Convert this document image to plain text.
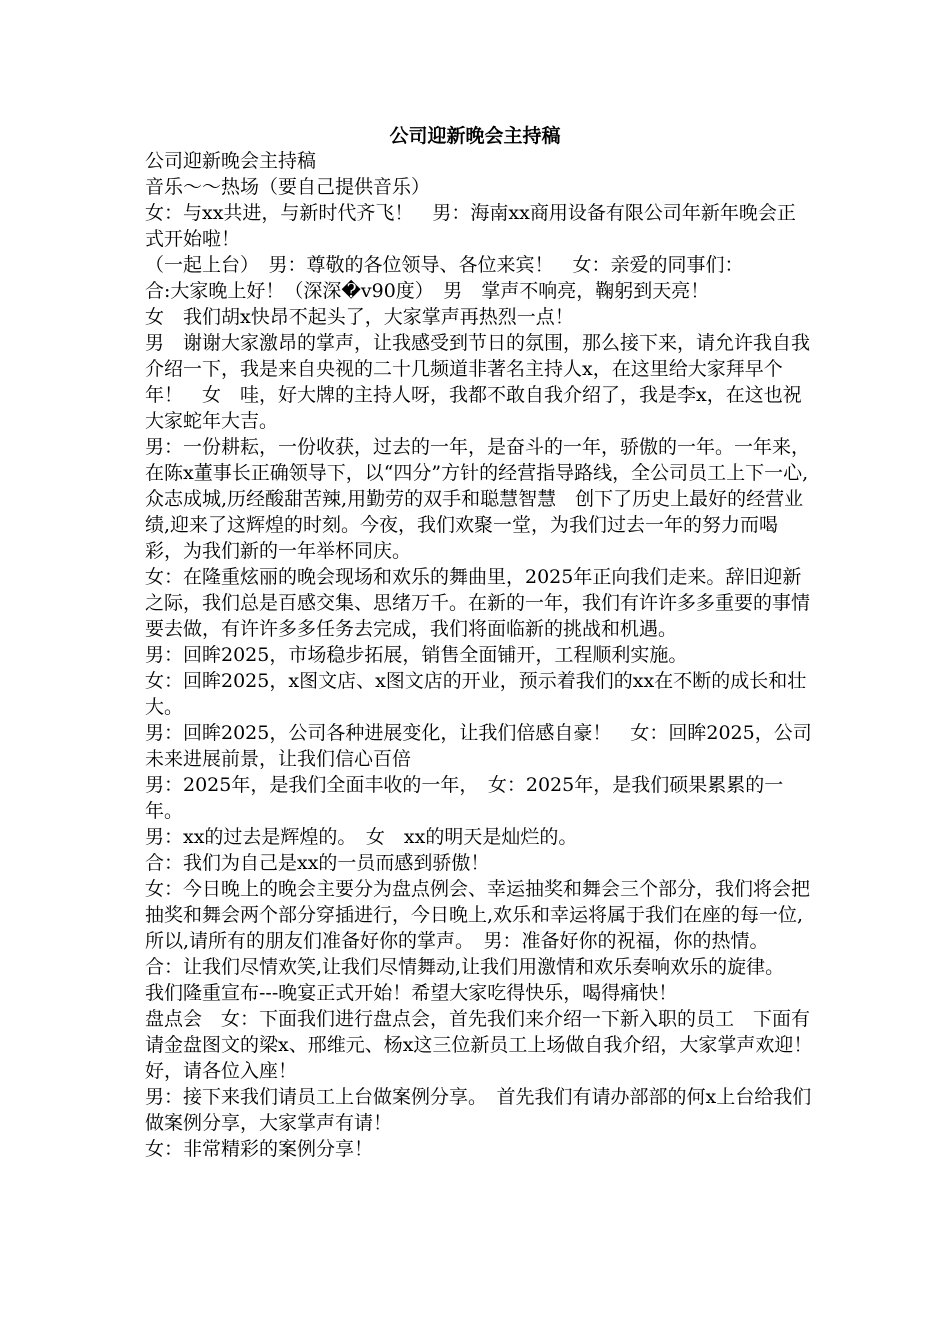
公司迎新晚会主持稿

公司迎新晚会主持稿

音乐～～热场（要自己提供音乐）

女：与xx共进，与新时代齐飞！　男：海南xx商用设备有限公司年新年晚会正式开始啦！

（一起上台）　男：尊敬的各位领导、各位来宾！　女：亲爱的同事们：

合:大家晚上好！（深深�v90度）　男　掌声不响亮，鞠躬到天亮！

女　我们胡x快昂不起头了，大家掌声再热烈一点！

男　谢谢大家激昂的掌声，让我感受到节日的氛围，那么接下来，请允许我自我介绍一下，我是来自央视的二十几频道非著名主持人x，在这里给大家拜早个年！　女　哇，好大牌的主持人呀，我都不敢自我介绍了，我是李x，在这也祝大家蛇年大吉。

男：一份耕耘，一份收获，过去的一年，是奋斗的一年，骄傲的一年。一年来，在陈x董事长正确领导下，以“四分”方针的经营指导路线，全公司员工上下一心,众志成城,历经酸甜苦辣,用勤劳的双手和聪慧智慧　创下了历史上最好的经营业绩,迎来了这辉煌的时刻。今夜，我们欢聚一堂，为我们过去一年的努力而喝彩，为我们新的一年举杯同庆。

女：在隆重炫丽的晚会现场和欢乐的舞曲里，2025年正向我们走来。辞旧迎新之际，我们总是百感交集、思绪万千。在新的一年，我们有许许多多重要的事情要去做，有许许多多任务去完成，我们将面临新的挑战和机遇。

男：回眸2025，市场稳步拓展，销售全面铺开，工程顺利实施。

女：回眸2025，x图文店、x图文店的开业，预示着我们的xx在不断的成长和壮大。

男：回眸2025，公司各种进展变化，让我们倍感自豪！　女：回眸2025，公司未来进展前景，让我们信心百倍

男：2025年，是我们全面丰收的一年，　女：2025年，是我们硕果累累的一年。

男：xx的过去是辉煌的。　女　xx的明天是灿烂的。

合：我们为自己是xx的一员而感到骄傲！

女：今日晚上的晚会主要分为盘点例会、幸运抽奖和舞会三个部分，我们将会把抽奖和舞会两个部分穿插进行，今日晚上,欢乐和幸运将属于我们在座的每一位,所以,请所有的朋友们准备好你的掌声。　男：准备好你的祝福，你的热情。　合：让我们尽情欢笑,让我们尽情舞动,让我们用激情和欢乐奏响欢乐的旋律。

我们隆重宣布---晚宴正式开始！希望大家吃得快乐，喝得痛快！

盘点会　女：下面我们进行盘点会，首先我们来介绍一下新入职的员工　下面有请金盘图文的梁x、邢维元、杨x这三位新员工上场做自我介绍，大家掌声欢迎！　好，请各位入座！

男：接下来我们请员工上台做案例分享。　首先我们有请办部部的何x上台给我们做案例分享，大家掌声有请！

女：非常精彩的案例分享！
